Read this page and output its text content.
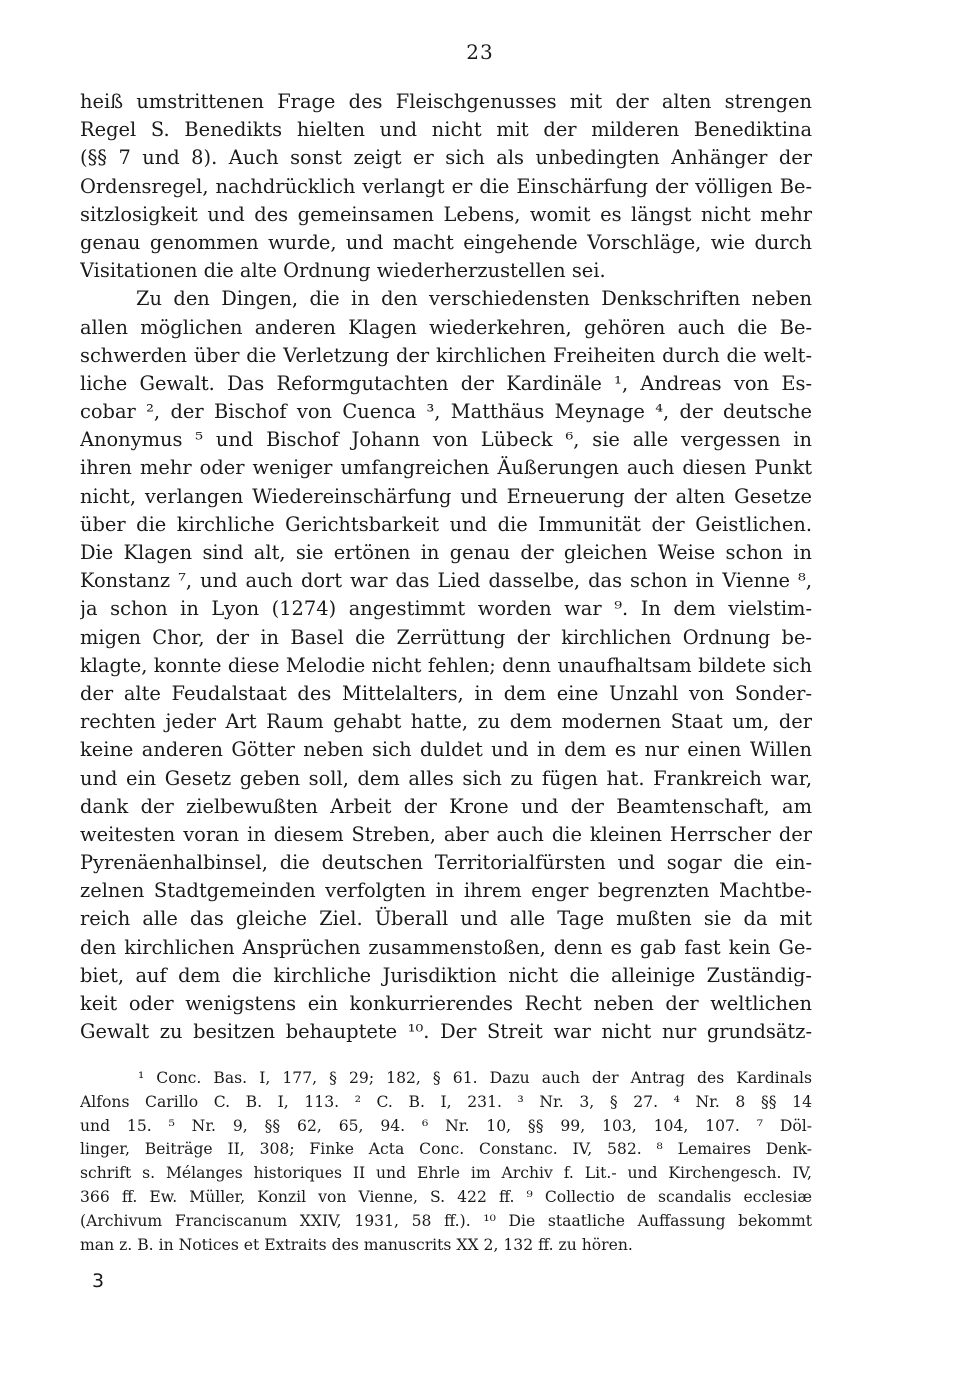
23
heiß umstrittenen Frage des Fleischgenusses mit der alten strengen
Regel S. Benedikts hielten und nicht mit der milderen Benediktina
(§§ 7 und 8). Auch sonst zeigt er sich als unbedingten Anhänger der
Ordensregel, nachdrücklich verlangt er die Einschärfung der völligen Be-
sitzlosigkeit und des gemeinsamen Lebens, womit es längst nicht mehr
genau genommen wurde, und macht eingehende Vorschläge, wie durch
Visitationen die alte Ordnung wiederherzustellen sei.
Zu den Dingen, die in den verschiedensten Denkschriften neben
allen möglichen anderen Klagen wiederkehren, gehören auch die Be-
schwerden über die Verletzung der kirchlichen Freiheiten durch die welt-
liche Gewalt. Das Reformgutachten der Kardinäle ¹, Andreas von Es-
cobar ², der Bischof von Cuenca ³, Matthäus Meynage ⁴, der deutsche
Anonymus ⁵ und Bischof Johann von Lübeck ⁶, sie alle vergessen in
ihren mehr oder weniger umfangreichen Äußerungen auch diesen Punkt
nicht, verlangen Wiedereinschärfung und Erneuerung der alten Gesetze
über die kirchliche Gerichtsbarkeit und die Immunität der Geistlichen.
Die Klagen sind alt, sie ertönen in genau der gleichen Weise schon in
Konstanz ⁷, und auch dort war das Lied dasselbe, das schon in Vienne ⁸,
ja schon in Lyon (1274) angestimmt worden war ⁹. In dem vielstim-
migen Chor, der in Basel die Zerrüttung der kirchlichen Ordnung be-
klagte, konnte diese Melodie nicht fehlen; denn unaufhaltsam bildete sich
der alte Feudalstaat des Mittelalters, in dem eine Unzahl von Sonder-
rechten jeder Art Raum gehabt hatte, zu dem modernen Staat um, der
keine anderen Götter neben sich duldet und in dem es nur einen Willen
und ein Gesetz geben soll, dem alles sich zu fügen hat. Frankreich war,
dank der zielbewußten Arbeit der Krone und der Beamtenschaft, am
weitesten voran in diesem Streben, aber auch die kleinen Herrscher der
Pyrenäenhalbinsel, die deutschen Territorialfürsten und sogar die ein-
zelnen Stadtgemeinden verfolgten in ihrem enger begrenzten Machtbe-
reich alle das gleiche Ziel. Überall und alle Tage mußten sie da mit
den kirchlichen Ansprüchen zusammenstoßen, denn es gab fast kein Ge-
biet, auf dem die kirchliche Jurisdiktion nicht die alleinige Zuständig-
keit oder wenigstens ein konkurrierendes Recht neben der weltlichen
Gewalt zu besitzen behauptete ¹⁰. Der Streit war nicht nur grundsätz-
¹ Conc. Bas. I, 177, § 29; 182, § 61. Dazu auch der Antrag des Kardinals
Alfons Carillo C. B. I, 113. ² C. B. I, 231. ³ Nr. 3, § 27. ⁴ Nr. 8 §§ 14
und 15. ⁵ Nr. 9, §§ 62, 65, 94. ⁶ Nr. 10, §§ 99, 103, 104, 107. ⁷ Döl-
linger, Beiträge II, 308; Finke Acta Conc. Constanc. IV, 582. ⁸ Lemaires Denk-
schrift s. Mélanges historiques II und Ehrle im Archiv f. Lit.- und Kirchengesch. IV,
366 ff. Ew. Müller, Konzil von Vienne, S. 422 ff. ⁹ Collectio de scandalis ecclesiæ
(Archivum Franciscanum XXIV, 1931, 58 ff.). ¹⁰ Die staatliche Auffassung bekommt
man z. B. in Notices et Extraits des manuscrits XX 2, 132 ff. zu hören.
3
